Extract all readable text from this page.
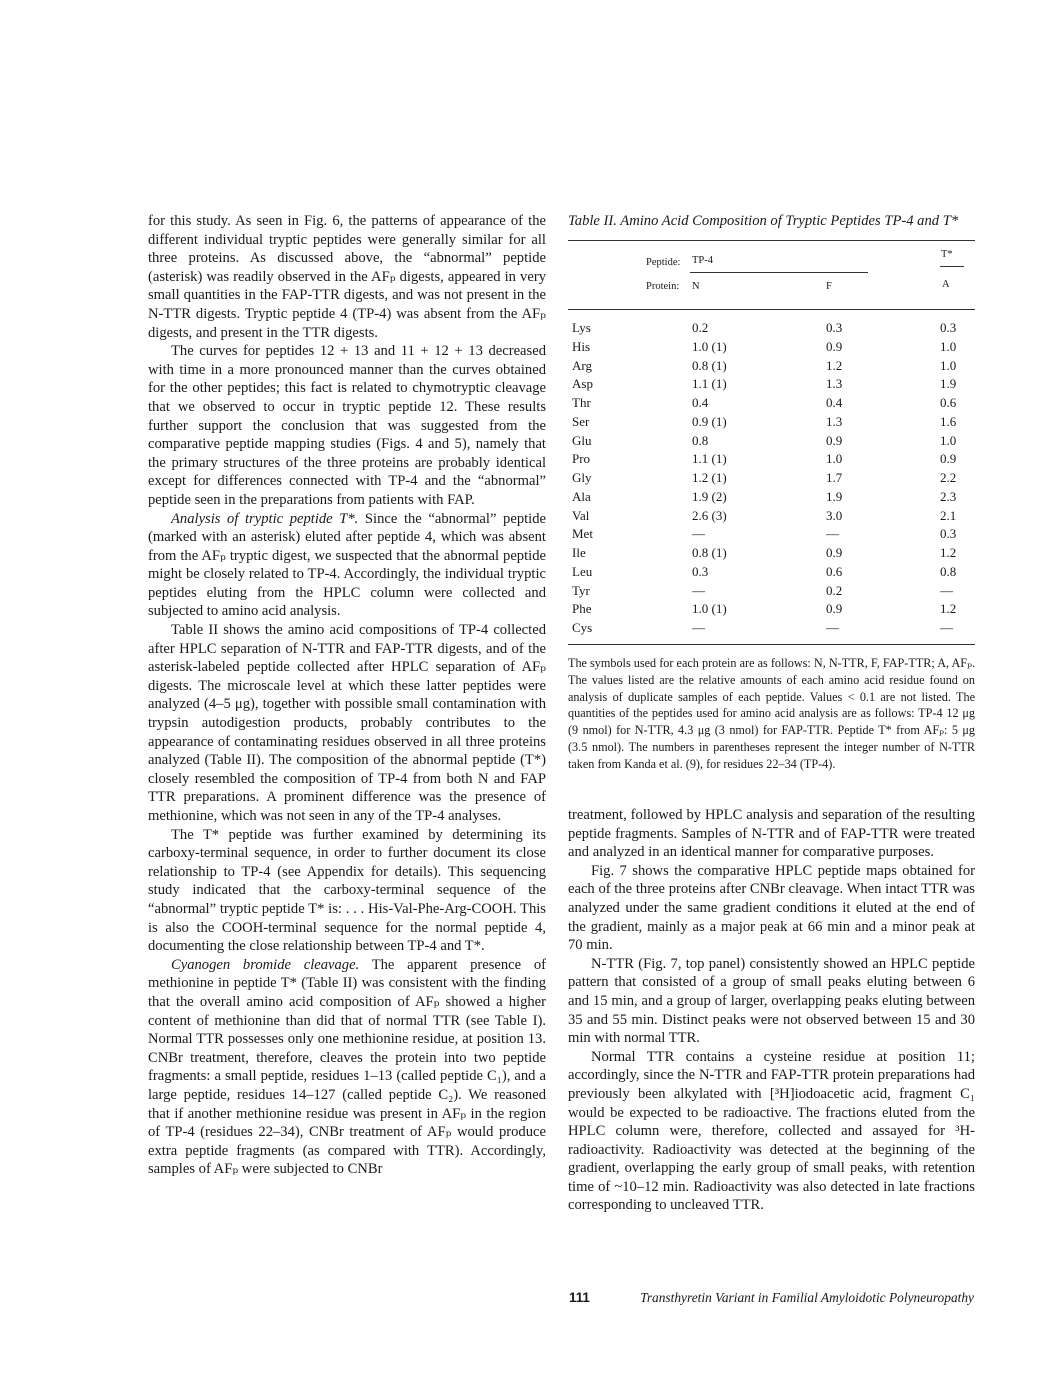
for this study. As seen in Fig. 6, the patterns of appearance of the different individual tryptic peptides were generally similar for all three proteins. As discussed above, the “abnormal” peptide (asterisk) was readily observed in the AFₚ digests, appeared in very small quantities in the FAP-TTR digests, and was not present in the N-TTR digests. Tryptic peptide 4 (TP-4) was absent from the AFₚ digests, and present in the TTR digests.

The curves for peptides 12 + 13 and 11 + 12 + 13 decreased with time in a more pronounced manner than the curves obtained for the other peptides; this fact is related to chymotryptic cleavage that we observed to occur in tryptic peptide 12. These results further support the conclusion that was suggested from the comparative peptide mapping studies (Figs. 4 and 5), namely that the primary structures of the three proteins are probably identical except for differences connected with TP-4 and the “abnormal” peptide seen in the preparations from patients with FAP.

Analysis of tryptic peptide T*. Since the “abnormal” peptide (marked with an asterisk) eluted after peptide 4, which was absent from the AFₚ tryptic digest, we suspected that the abnormal peptide might be closely related to TP-4. Accordingly, the individual tryptic peptides eluting from the HPLC column were collected and subjected to amino acid analysis.

Table II shows the amino acid compositions of TP-4 collected after HPLC separation of N-TTR and FAP-TTR digests, and of the asterisk-labeled peptide collected after HPLC separation of AFₚ digests. The microscale level at which these latter peptides were analyzed (4–5 μg), together with possible small contamination with trypsin autodigestion products, probably contributes to the appearance of contaminating residues observed in all three proteins analyzed (Table II). The composition of the abnormal peptide (T*) closely resembled the composition of TP-4 from both N and FAP TTR preparations. A prominent difference was the presence of methionine, which was not seen in any of the TP-4 analyses.

The T* peptide was further examined by determining its carboxy-terminal sequence, in order to further document its close relationship to TP-4 (see Appendix for details). This sequencing study indicated that the carboxy-terminal sequence of the “abnormal” tryptic peptide T* is: . . . His-Val-Phe-Arg-COOH. This is also the COOH-terminal sequence for the normal peptide 4, documenting the close relationship between TP-4 and T*.

Cyanogen bromide cleavage. The apparent presence of methionine in peptide T* (Table II) was consistent with the finding that the overall amino acid composition of AFₚ showed a higher content of methionine than did that of normal TTR (see Table I). Normal TTR possesses only one methionine residue, at position 13. CNBr treatment, therefore, cleaves the protein into two peptide fragments: a small peptide, residues 1–13 (called peptide C₁), and a large peptide, residues 14–127 (called peptide C₂). We reasoned that if another methionine residue was present in AFₚ in the region of TP-4 (residues 22–34), CNBr treatment of AFₚ would produce extra peptide fragments (as compared with TTR). Accordingly, samples of AFₚ were subjected to CNBr

Table II. Amino Acid Composition of Tryptic Peptides TP-4 and T*

Peptide: TP-4
T*
Protein: N	F	A
Lys	0.2	0.3	0.3
His	1.0 (1)	0.9	1.0
Arg	0.8 (1)	1.2	1.0
Asp	1.1 (1)	1.3	1.9
Thr	0.4	0.4	0.6
Ser	0.9 (1)	1.3	1.6
Glu	0.8	0.9	1.0
Pro	1.1 (1)	1.0	0.9
Gly	1.2 (1)	1.7	2.2
Ala	1.9 (2)	1.9	2.3
Val	2.6 (3)	3.0	2.1
Met	—	—	0.3
Ile	0.8 (1)	0.9	1.2
Leu	0.3	0.6	0.8
Tyr	—	0.2	—
Phe	1.0 (1)	0.9	1.2
Cys	—	—	—
The symbols used for each protein are as follows: N, N-TTR, F, FAP-TTR; A, AFₚ. The values listed are the relative amounts of each amino acid residue found on analysis of duplicate samples of each peptide. Values < 0.1 are not listed. The quantities of the peptides used for amino acid analysis are as follows: TP-4 12 μg (9 nmol) for N-TTR, 4.3 μg (3 nmol) for FAP-TTR. Peptide T* from AFₚ: 5 μg (3.5 nmol). The numbers in parentheses represent the integer number of N-TTR taken from Kanda et al. (9), for residues 22–34 (TP-4).

treatment, followed by HPLC analysis and separation of the resulting peptide fragments. Samples of N-TTR and of FAP-TTR were treated and analyzed in an identical manner for comparative purposes.

Fig. 7 shows the comparative HPLC peptide maps obtained for each of the three proteins after CNBr cleavage. When intact TTR was analyzed under the same gradient conditions it eluted at the end of the gradient, mainly as a major peak at 66 min and a minor peak at 70 min.

N-TTR (Fig. 7, top panel) consistently showed an HPLC peptide pattern that consisted of a group of small peaks eluting between 6 and 15 min, and a group of larger, overlapping peaks eluting between 35 and 55 min. Distinct peaks were not observed between 15 and 30 min with normal TTR.

Normal TTR contains a cysteine residue at position 11; accordingly, since the N-TTR and FAP-TTR protein preparations had previously been alkylated with [³H]iodoacetic acid, fragment C₁ would be expected to be radioactive. The fractions eluted from the HPLC column were, therefore, collected and assayed for ³H-radioactivity. Radioactivity was detected at the beginning of the gradient, overlapping the early group of small peaks, with retention time of ~10–12 min. Radioactivity was also detected in late fractions corresponding to uncleaved TTR.

111	Transthyretin Variant in Familial Amyloidotic Polyneuropathy
